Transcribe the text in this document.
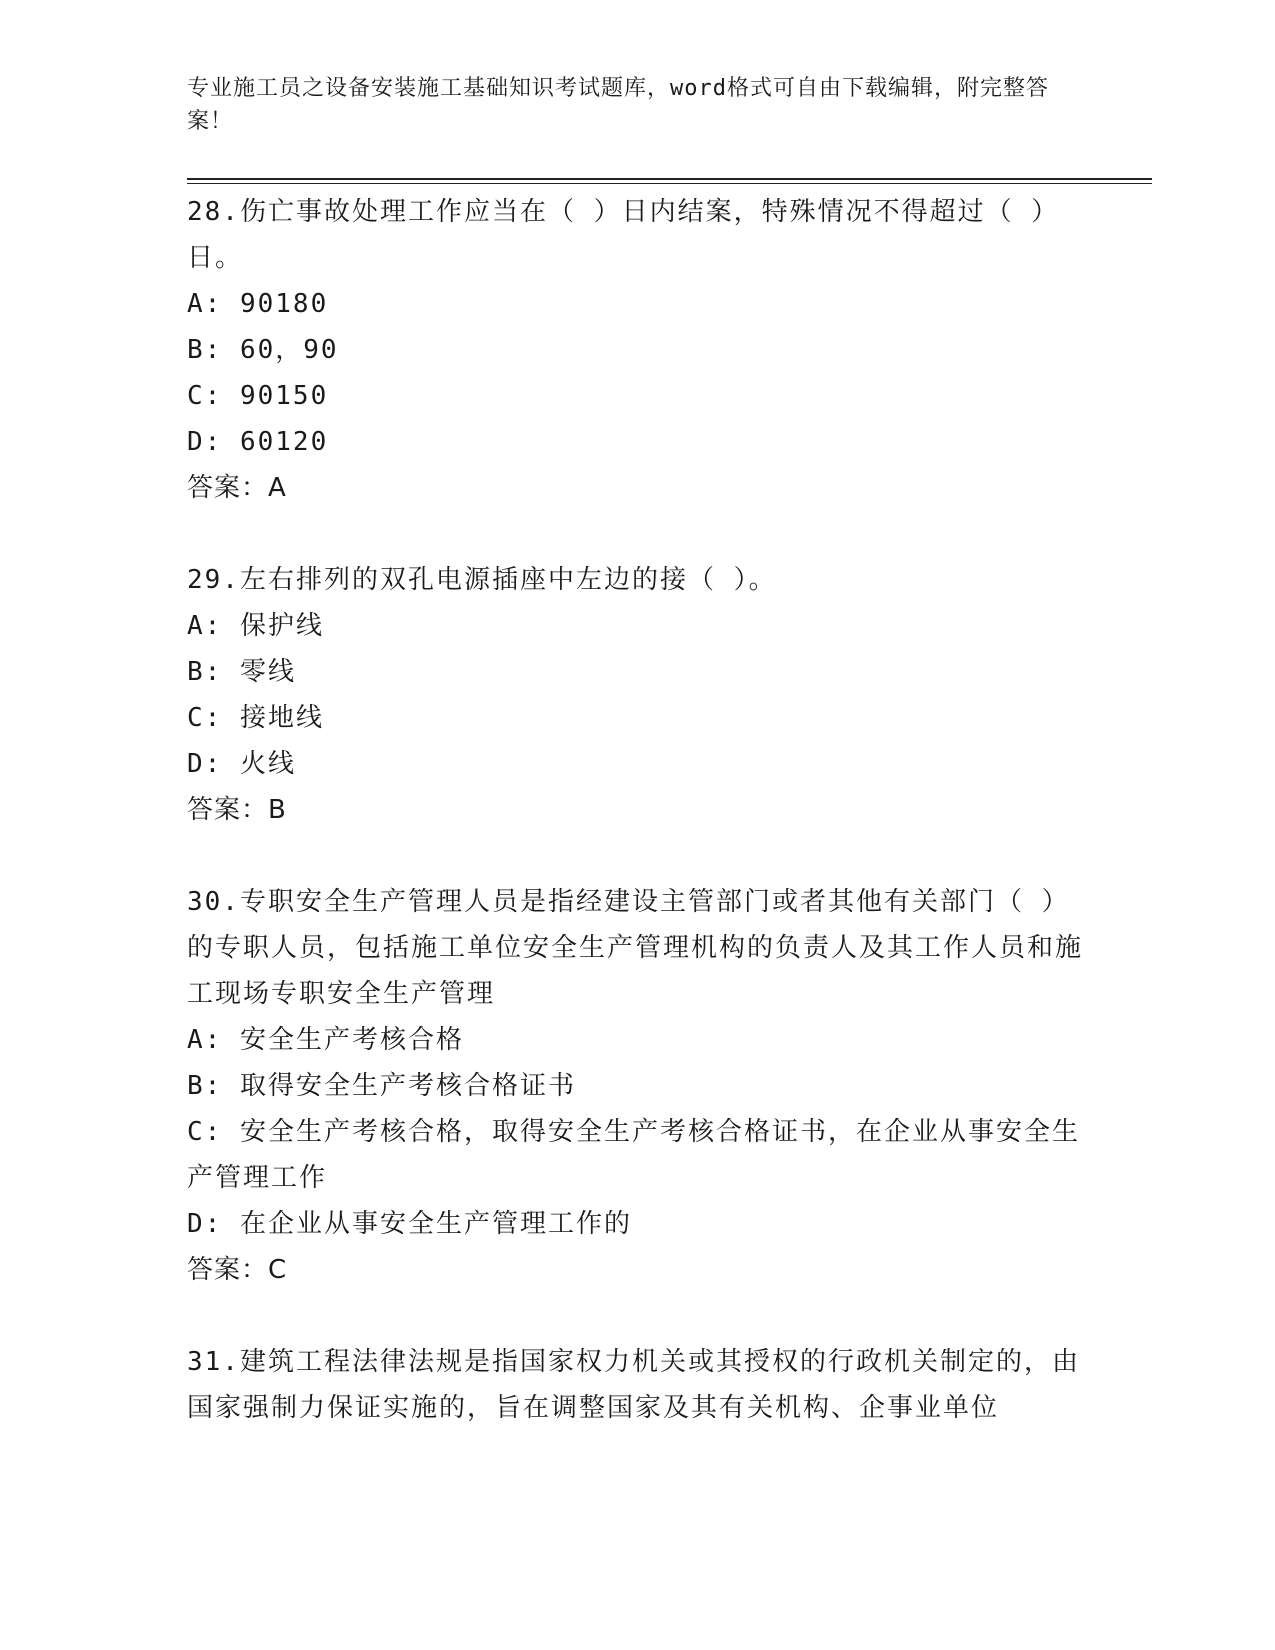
专业施工员之设备安装施工基础知识考试题库，word格式可自由下载编辑，附完整答案！
28.伤亡事故处理工作应当在（ ）日内结案，特殊情况不得超过（ ）日。
A: 90180
B: 60，90
C: 90150
D: 60120
答案：A
29.左右排列的双孔电源插座中左边的接（ ）。
A: 保护线
B: 零线
C: 接地线
D: 火线
答案：B
30.专职安全生产管理人员是指经建设主管部门或者其他有关部门（ ）的专职人员，包括施工单位安全生产管理机构的负责人及其工作人员和施工现场专职安全生产管理
A: 安全生产考核合格
B: 取得安全生产考核合格证书
C: 安全生产考核合格，取得安全生产考核合格证书，在企业从事安全生产管理工作
D: 在企业从事安全生产管理工作的
答案：C
31.建筑工程法律法规是指国家权力机关或其授权的行政机关制定的，由国家强制力保证实施的，旨在调整国家及其有关机构、企事业单位
